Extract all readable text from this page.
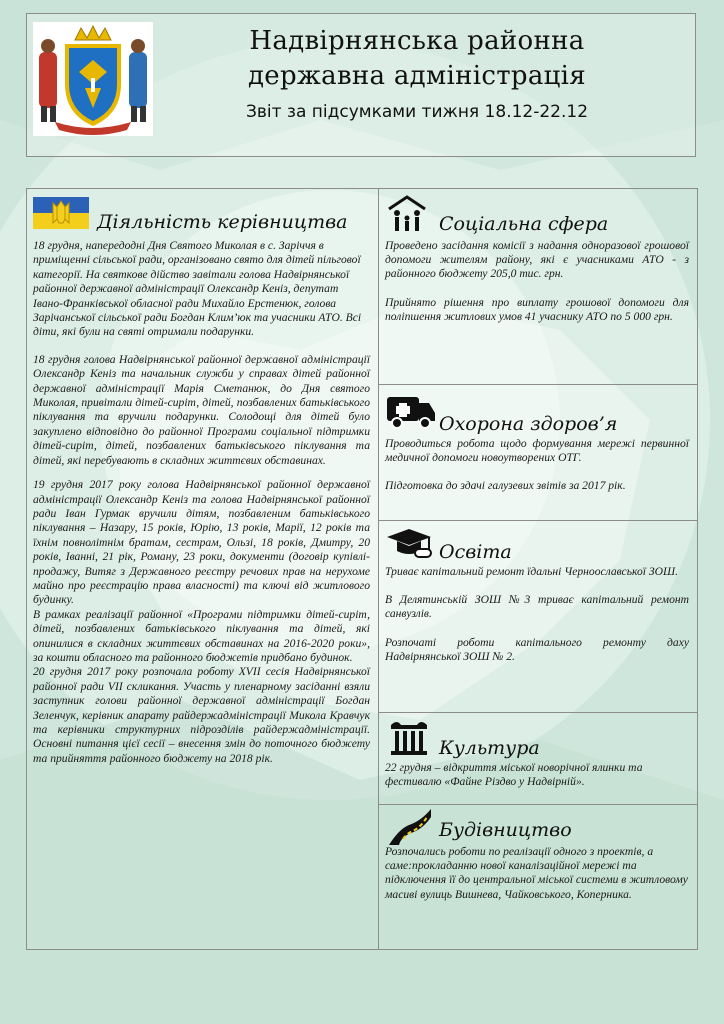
Надвірнянська районна
державна адміністрація
Звіт за підсумками тижня 18.12-22.12
Діяльність керівництва

18 грудня, напередодні Дня Святого Миколая в с. Заріччя в приміщенні сільської ради, організовано свято для дітей пільгової категорії. На святкове дійство завітали голова Надвірнянської районної державної адміністрації Олександр Кеніз, депутат Івано-Франківської обласної ради Михайло Ерстенюк, голова Зарічанської сільської ради Богдан Клим’юк та учасники АТО. Всі діти, які були на святі отримали подарунки.

18 грудня голова Надвірнянської районної державної адміністрації Олександр Кеніз та начальник служби у справах дітей районної державної адміністрації Марія Сметанюк, до Дня святого Миколая, привітали дітей-сиріт, дітей, позбавлених батьківського піклування та вручили подарунки. Солодощі для дітей було закуплено відповідно до районної Програми соціальної підтримки дітей-сиріт, дітей, позбавлених батьківського піклування та дітей, які перебувають в складних життєвих обставинах.

19 грудня 2017 року голова Надвірнянської районної державної адміністрації Олександр Кеніз та голова Надвірнянської районної ради Іван Гурмак вручили дітям, позбавленим батьківського піклування – Назару, 15 років, Юрію, 13 років, Марії, 12 років та їхнім повнолітнім братам, сестрам, Ользі, 18 років, Дмитру, 20 років, Іванні, 21 рік, Роману, 23 роки, документи (договір купівлі-продажу, Витяг з Державного реєстру речових прав на нерухоме майно про реєстрацію права власності) та ключі від житлового будинку.

В рамках реалізації районної «Програми підтримки дітей-сиріт, дітей, позбавлених батьківського піклування та дітей, які опинилися в складних життєвих обставинах на 2016-2020 роки», за кошти обласного та районного бюджетів придбано будинок.

20 грудня 2017 року розпочала роботу XVII сесія Надвірнянської районної ради VII скликання. Участь у пленарному засіданні взяли заступник голови районної державної адміністрації Богдан Зеленчук, керівник апарату райдержадміністрації Микола Кравчук та керівники структурних підрозділів райдержадміністрації. Основні питання цієї сесії – внесення змін до поточного бюджету та прийняття районного бюджету на 2018 рік.

Соціальна сфера

Проведено засідання комісії з надання одноразової грошової допомоги жителям району, які є учасниками АТО - з районного бюджету 205,0 тис. грн.

Прийнято рішення про виплату грошової допомоги для поліпшення житлових умов 41 учаснику АТО по 5 000 грн.

Охорона здоров’я

Проводиться робота щодо формування мережі первинної медичної допомоги новоутворених ОТГ.

Підготовка до здачі галузевих звітів за 2017 рік.

Освіта

Триває капітальний ремонт їдальні Черноославської ЗОШ.

В Делятинській ЗОШ №3 триває капітальний ремонт санвузлів.

Розпочаті роботи капітального ремонту даху Надвірнянської ЗОШ № 2.

Культура

22 грудня – відкриття міської новорічної ялинки та фестивалю «Файне Різдво у Надвірній».

Будівництво

Розпочались роботи по реалізації одного з проектів, а саме:прокладанню нової каналізаційної мережі та підключення її до центральної міської системи в житловому масиві вулиць Вишнева, Чайковського, Коперника.
